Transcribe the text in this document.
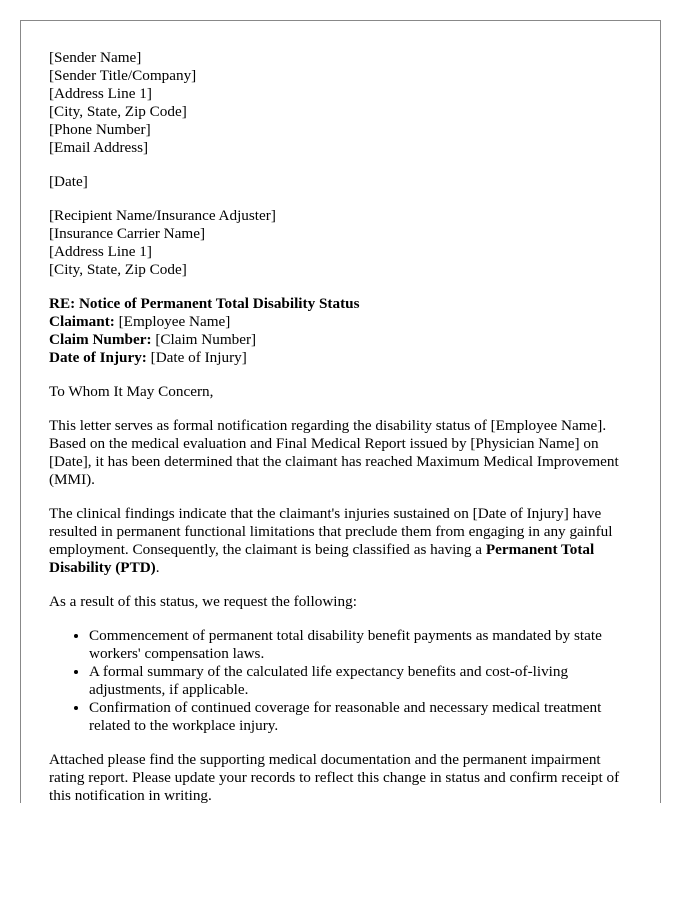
[Sender Name]
[Sender Title/Company]
[Address Line 1]
[City, State, Zip Code]
[Phone Number]
[Email Address]
[Date]
[Recipient Name/Insurance Adjuster]
[Insurance Carrier Name]
[Address Line 1]
[City, State, Zip Code]
RE: Notice of Permanent Total Disability Status
Claimant: [Employee Name]
Claim Number: [Claim Number]
Date of Injury: [Date of Injury]

To Whom It May Concern,

This letter serves as formal notification regarding the disability status of [Employee Name]. Based on the medical evaluation and Final Medical Report issued by [Physician Name] on [Date], it has been determined that the claimant has reached Maximum Medical Improvement (MMI).

The clinical findings indicate that the claimant's injuries sustained on [Date of Injury] have resulted in permanent functional limitations that preclude them from engaging in any gainful employment. Consequently, the claimant is being classified as having a Permanent Total Disability (PTD).

As a result of this status, we request the following:

• Commencement of permanent total disability benefit payments as mandated by state workers' compensation laws.
• A formal summary of the calculated life expectancy benefits and cost-of-living adjustments, if applicable.
• Confirmation of continued coverage for reasonable and necessary medical treatment related to the workplace injury.

Attached please find the supporting medical documentation and the permanent impairment rating report. Please update your records to reflect this change in status and confirm receipt of this notification in writing.
